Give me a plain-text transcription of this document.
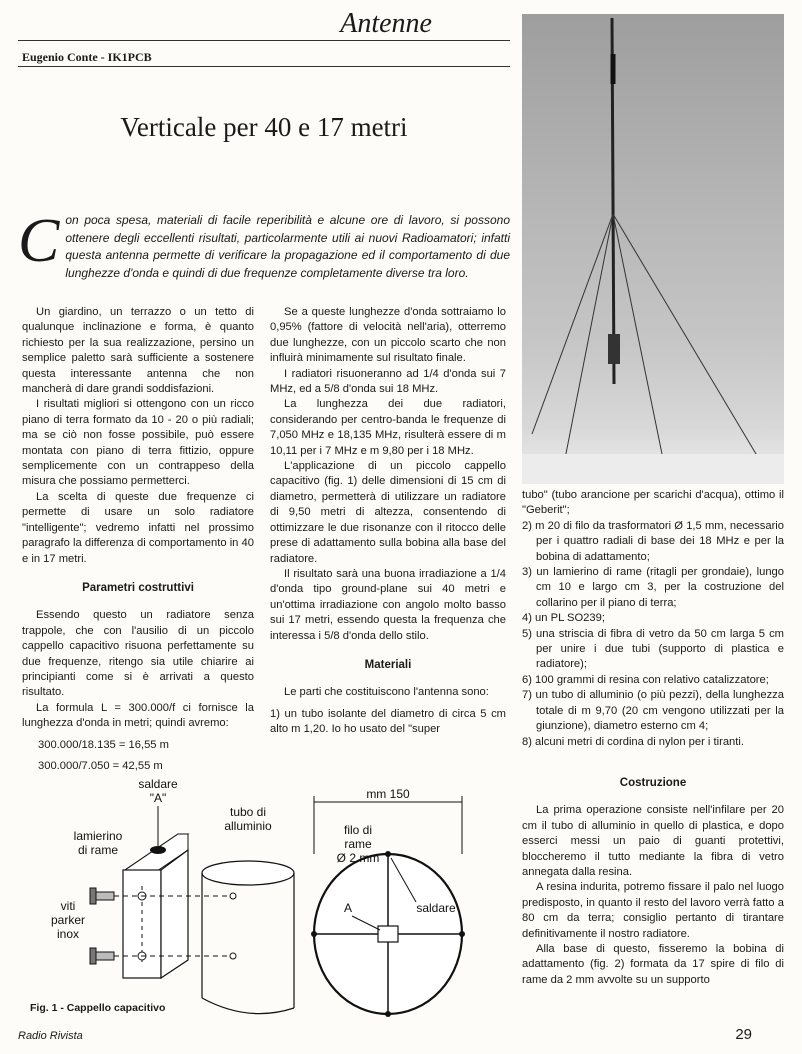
Antenne
Eugenio Conte - IK1PCB
Verticale per 40 e 17 metri
C on poca spesa, materiali di facile reperibilità e alcune ore di lavoro, si possono ottenere degli eccellenti risultati, particolarmente utili ai nuovi Radioamatori; infatti questa antenna permette di verificare la propagazione ed il comportamento di due lunghezze d'onda e quindi di due frequenze completamente diverse tra loro.

Un giardino, un terrazzo o un tetto di qualunque inclinazione e forma, è quanto richiesto per la sua realizzazione, persino un semplice paletto sarà sufficiente a sostenere questa interessante antenna che non mancherà di dare grandi soddisfazioni.

I risultati migliori si ottengono con un ricco piano di terra formato da 10 - 20 o più radiali; ma se ciò non fosse possibile, può essere montata con piano di terra fittizio, oppure semplicemente con un contrappeso della misura che possiamo permetterci.

La scelta di queste due frequenze ci permette di usare un solo radiatore "intelligente"; vedremo infatti nel prossimo paragrafo la differenza di comportamento in 40 e in 17 metri.

Parametri costruttivi

Essendo questo un radiatore senza trappole, che con l'ausilio di un piccolo cappello capacitivo risuona perfettamente su due frequenze, ritengo sia utile chiarire ai principianti come si è arrivati a questo risultato.

La formula L = 300.000/f ci fornisce la lunghezza d'onda in metri; quindi avremo:

300.000/18.135 = 16,55 m

300.000/7.050 = 42,55 m

Se a queste lunghezze d'onda sottraiamo lo 0,95% (fattore di velocità nell'aria), otterremo due lunghezze, con un piccolo scarto che non influirà minimamente sul risultato finale.

I radiatori risuoneranno ad 1/4 d'onda sui 7 MHz, ed a 5/8 d'onda sui 18 MHz.

La lunghezza dei due radiatori, considerando per centro-banda le frequenze di 7,050 MHz e 18,135 MHz, risulterà essere di m 10,11 per i 7 MHz e m 9,80 per i 18 MHz.

L'applicazione di un piccolo cappello capacitivo (fig. 1) delle dimensioni di 15 cm di diametro, permetterà di utilizzare un radiatore di 9,50 metri di altezza, consentendo di ottimizzare le due risonanze con il ritocco delle prese di adattamento sulla bobina alla base del radiatore.

Il risultato sarà una buona irradiazione a 1/4 d'onda tipo ground-plane sui 40 metri e un'ottima irradiazione con angolo molto basso sui 17 metri, essendo questa la frequenza che interessa i 5/8 d'onda dello stilo.

Materiali

Le parti che costituiscono l'antenna sono:

1) un tubo isolante del diametro di circa 5 cm alto m 1,20. Io ho usato del "super

tubo" (tubo arancione per scarichi d'acqua), ottimo il "Geberit";

2) m 20 di filo da trasformatori Ø 1,5 mm, necessario per i quattro radiali di base dei 18 MHz e per la bobina di adattamento;
3) un lamierino di rame (ritagli per grondaie), lungo cm 10 e largo cm 3, per la costruzione del collarino per il piano di terra;
4) un PL SO239;
5) una striscia di fibra di vetro da 50 cm larga 5 cm per unire i due tubi (supporto di plastica e radiatore);
6) 100 grammi di resina con relativo catalizzatore;
7) un tubo di alluminio (o più pezzi), della lunghezza totale di m 9,70 (20 cm vengono utilizzati per la giunzione), diametro esterno cm 4;
8) alcuni metri di cordina di nylon per i tiranti.
Costruzione

La prima operazione consiste nell'infilare per 20 cm il tubo di alluminio in quello di plastica, e dopo esserci messi un paio di guanti protettivi, bloccheremo il tutto mediante la fibra di vetro annegata dalla resina.

A resina indurita, potremo fissare il palo nel luogo predisposto, in quanto il resto del lavoro verrà fatto a 80 cm da terra; consiglio pertanto di tirantare definitivamente il nostro radiatore.

Alla base di questo, fisseremo la bobina di adattamento (fig. 2) formata da 17 spire di filo di rame da 2 mm avvolte su un supporto

saldare
"A"
lamierino
di rame
viti
parker
inox
tubo di
alluminio
mm 150
filo di
rame
Ø 2 mm
A	saldare
Fig. 1 - Cappello capacitivo
Radio Rivista	29
